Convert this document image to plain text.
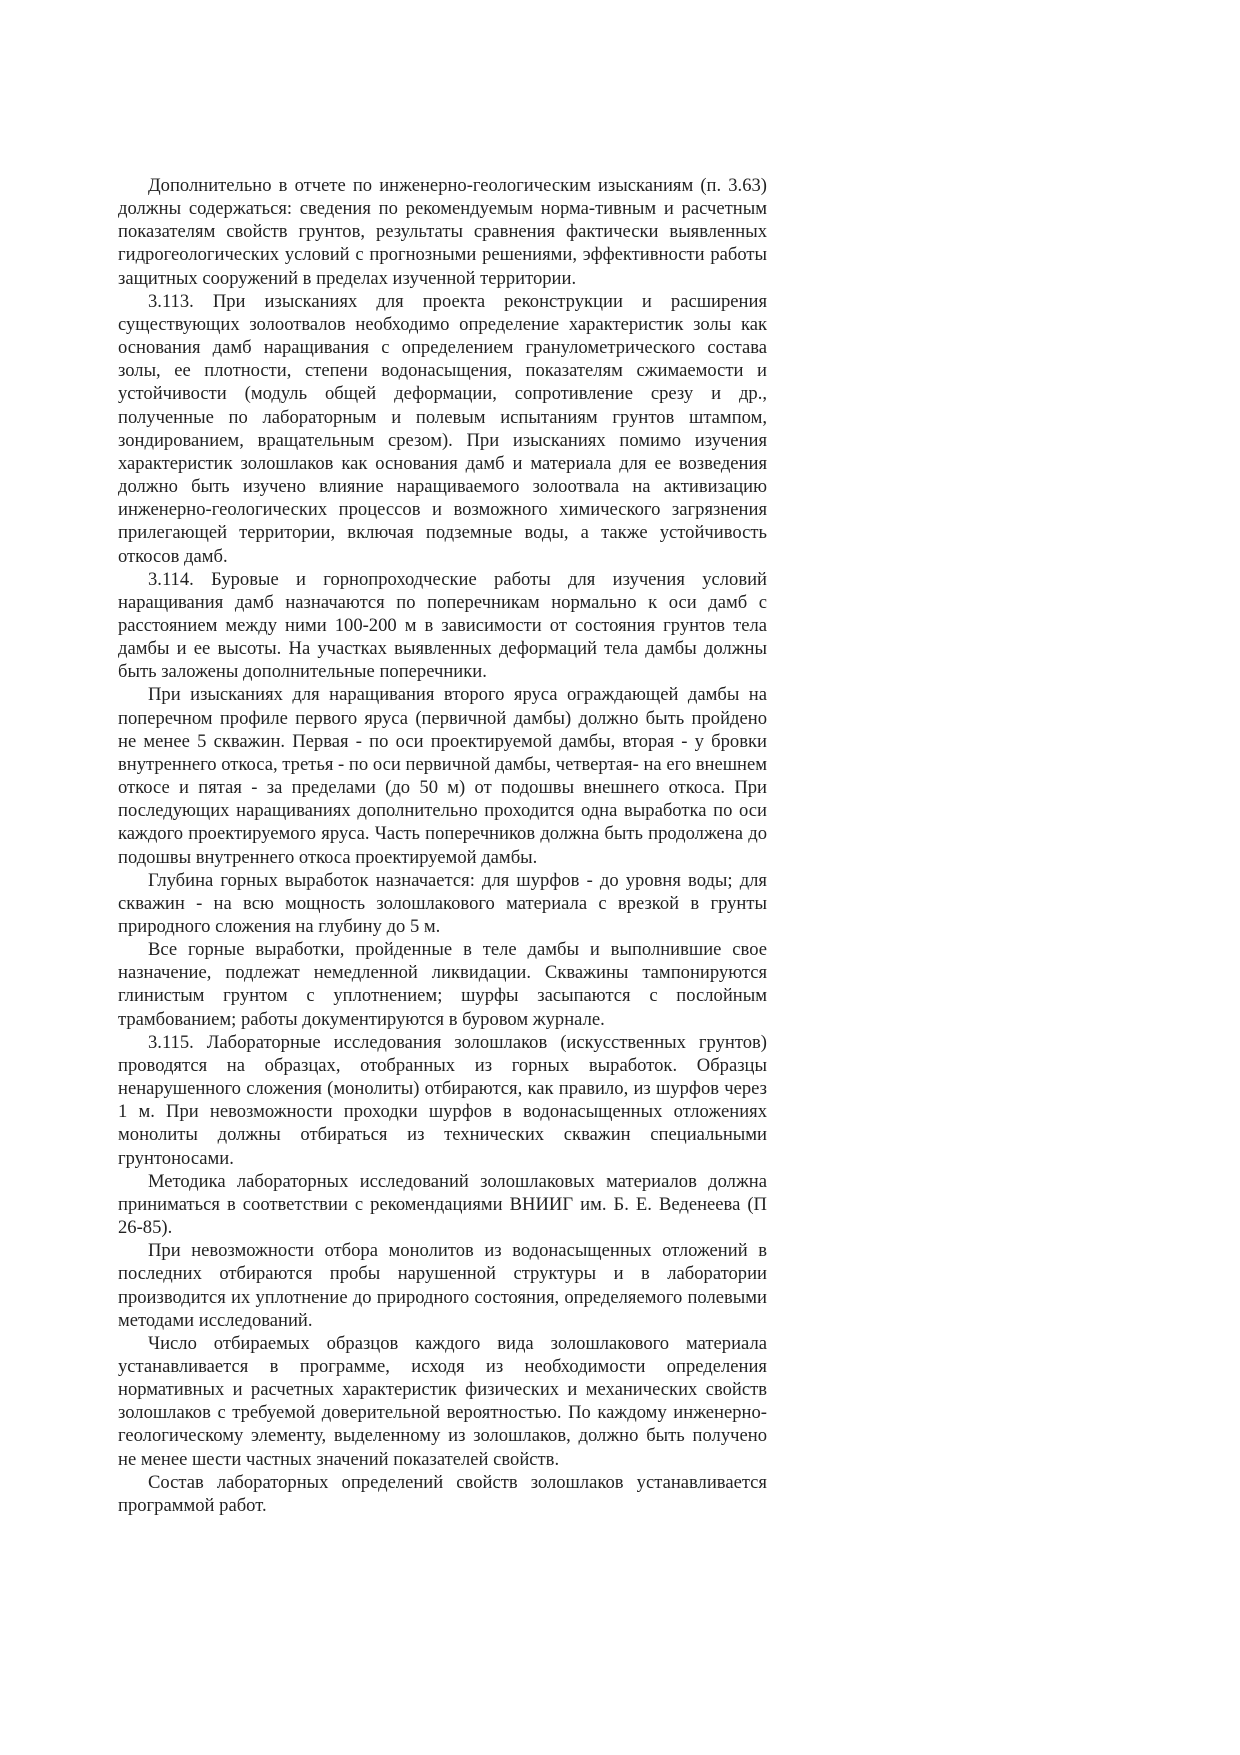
Дополнительно в отчете по инженерно-геологическим изысканиям (п. 3.63) должны содержаться: сведения по рекомендуемым норма-тивным и расчетным показателям свойств грунтов, результаты сравнения фактически выявленных гидрогеологических условий с прогнозными решениями, эффективности работы защитных сооружений в пределах изученной территории.

3.113. При изысканиях для проекта реконструкции и расширения существующих золоотвалов необходимо определение характеристик золы как основания дамб наращивания с определением гранулометрического состава золы, ее плотности, степени водонасыщения, показателям сжимаемости и устойчивости (модуль общей деформации, сопротивление срезу и др., полученные по лабораторным и полевым испытаниям грунтов штампом, зондированием, вращательным срезом). При изысканиях помимо изучения характеристик золошлаков как основания дамб и материала для ее возведения должно быть изучено влияние наращиваемого золоотвала на активизацию инженерно-геологических процессов и возможного химического загрязнения прилегающей территории, включая подземные воды, а также устойчивость откосов дамб.

3.114. Буровые и горнопроходческие работы для изучения условий наращивания дамб назначаются по поперечникам нормально к оси дамб с расстоянием между ними 100-200 м в зависимости от состояния грунтов тела дамбы и ее высоты. На участках выявленных деформаций тела дамбы должны быть заложены дополнительные поперечники.

При изысканиях для наращивания второго яруса ограждающей дамбы на поперечном профиле первого яруса (первичной дамбы) должно быть пройдено не менее 5 скважин. Первая - по оси проектируемой дамбы, вторая - у бровки внутреннего откоса, третья - по оси первичной дамбы, четвертая- на его внешнем откосе и пятая - за пределами (до 50 м) от подошвы внешнего откоса. При последующих наращиваниях дополнительно проходится одна выработка по оси каждого проектируемого яруса. Часть поперечников должна быть продолжена до подошвы внутреннего откоса проектируемой дамбы.

Глубина горных выработок назначается: для шурфов - до уровня воды; для скважин - на всю мощность золошлакового материала с врезкой в грунты природного сложения на глубину до 5 м.

Все горные выработки, пройденные в теле дамбы и выполнившие свое назначение, подлежат немедленной ликвидации. Скважины тампонируются глинистым грунтом с уплотнением; шурфы засыпаются с послойным трамбованием; работы документируются в буровом журнале.

3.115. Лабораторные исследования золошлаков (искусственных грунтов) проводятся на образцах, отобранных из горных выработок. Образцы ненарушенного сложения (монолиты) отбираются, как правило, из шурфов через 1 м. При невозможности проходки шурфов в водонасыщенных отложениях монолиты должны отбираться из технических скважин специальными грунтоносами.

Методика лабораторных исследований золошлаковых материалов должна приниматься в соответствии с рекомендациями ВНИИГ им. Б. Е. Веденеева (П 26-85).

При невозможности отбора монолитов из водонасыщенных отложений в последних отбираются пробы нарушенной структуры и в лаборатории производится их уплотнение до природного состояния, определяемого полевыми методами исследований.

Число отбираемых образцов каждого вида золошлакового материала устанавливается в программе, исходя из необходимости определения нормативных и расчетных характеристик физических и механических свойств золошлаков с требуемой доверительной вероятностью. По каждому инженерно-геологическому элементу, выделенному из золошлаков, должно быть получено не менее шести частных значений показателей свойств.

Состав лабораторных определений свойств золошлаков устанавливается программой работ.
